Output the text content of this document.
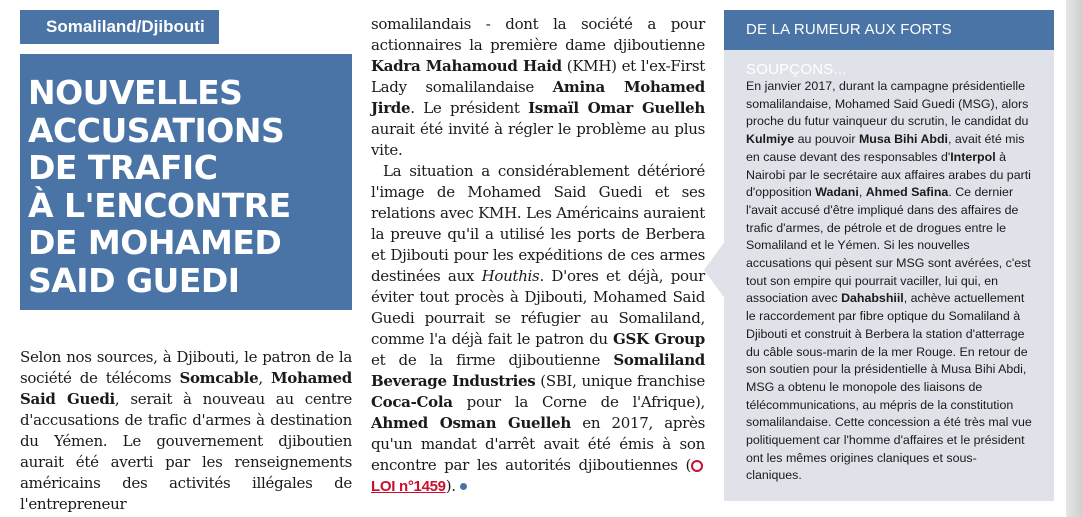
Somaliland/Djibouti
NOUVELLES
ACCUSATIONS
DE TRAFIC
À L'ENCONTRE
DE MOHAMED
SAID GUEDI
Selon nos sources, à Djibouti, le patron de la société de télécoms Somcable, Mohamed Said Guedi, serait à nouveau au centre d'accusations de trafic d'armes à destination du Yémen. Le gouvernement djiboutien aurait été averti par les renseignements américains des activités illégales de l'entrepreneur

somalilandais - dont la société a pour actionnaires la première dame djiboutienne Kadra Mahamoud Haid (KMH) et l'ex-First Lady somalilandaise Amina Mohamed Jirde. Le président Ismaïl Omar Guelleh aurait été invité à régler le problème au plus vite.

La situation a considérablement détérioré l'image de Mohamed Said Guedi et ses relations avec KMH. Les Américains auraient la preuve qu'il a utilisé les ports de Berbera et Djibouti pour les expéditions de ces armes destinées aux Houthis. D'ores et déjà, pour éviter tout procès à Djibouti, Mohamed Said Guedi pourrait se réfugier au Somaliland, comme l'a déjà fait le patron du GSK Group et de la firme djiboutienne Somaliland Beverage Industries (SBI, unique franchise Coca-Cola pour la Corne de l'Afrique), Ahmed Osman Guelleh en 2017, après qu'un mandat d'arrêt avait été émis à son encontre par les autorités djiboutiennes (LOI n°1459).

DE LA RUMEUR AUX FORTS SOUPÇONS...
En janvier 2017, durant la campagne présidentielle somalilandaise, Mohamed Said Guedi (MSG), alors proche du futur vainqueur du scrutin, le candidat du Kulmiye au pouvoir Musa Bihi Abdi, avait été mis en cause devant des responsables d'Interpol à Nairobi par le secrétaire aux affaires arabes du parti d'opposition Wadani, Ahmed Safina. Ce dernier l'avait accusé d'être impliqué dans des affaires de trafic d'armes, de pétrole et de drogues entre le Somaliland et le Yémen. Si les nouvelles accusations qui pèsent sur MSG sont avérées, c'est tout son empire qui pourrait vaciller, lui qui, en association avec Dahabshiil, achève actuellement le raccordement par fibre optique du Somaliland à Djibouti et construit à Berbera la station d'atterrage du câble sous-marin de la mer Rouge. En retour de son soutien pour la présidentielle à Musa Bihi Abdi, MSG a obtenu le monopole des liaisons de télécommunications, au mépris de la constitution somalilandaise. Cette concession a été très mal vue politiquement car l'homme d'affaires et le président ont les mêmes origines claniques et sous-claniques.
